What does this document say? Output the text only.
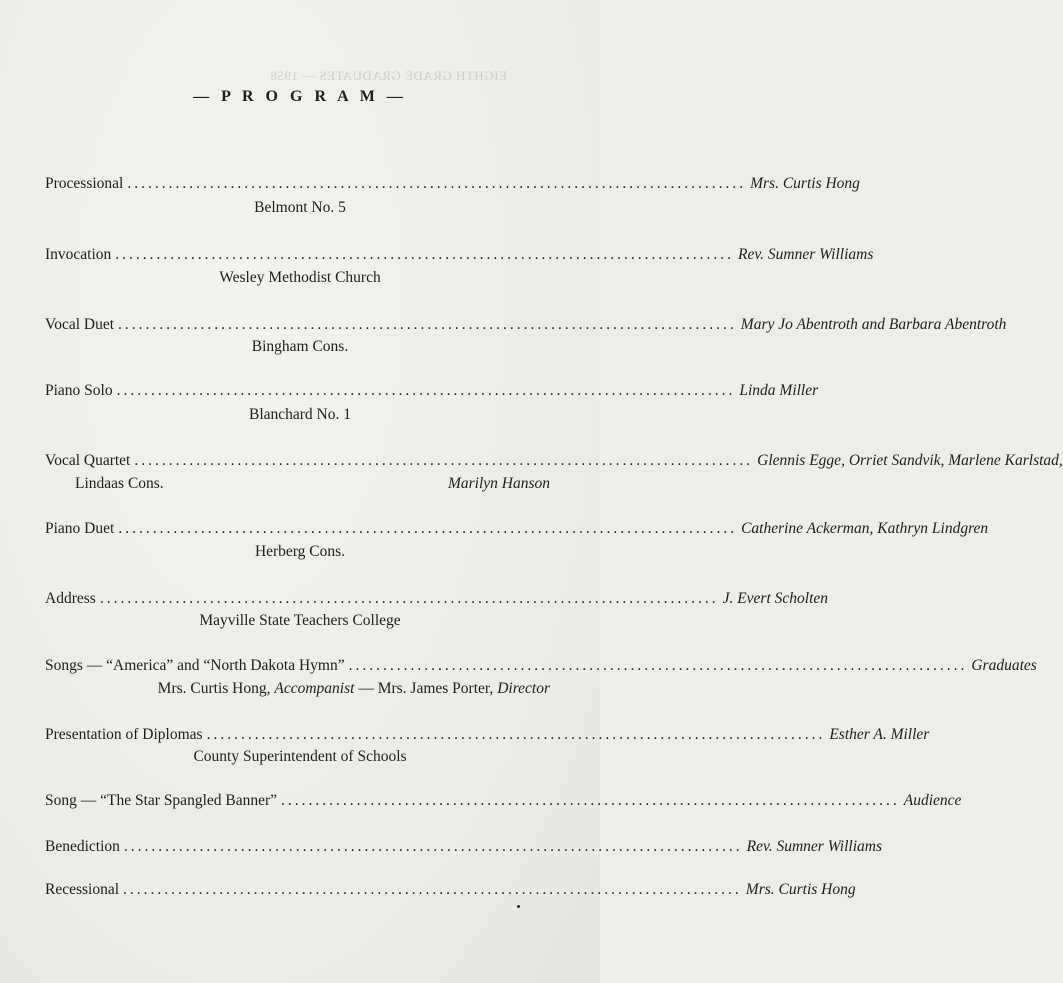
EIGHTH GRADE GRADUATES — 1958
— P R O G R A M —
Processional .......................................................................................... Mrs. Curtis Hong
Belmont No. 5
Invocation .......................................................................................... Rev. Sumner Williams
Wesley Methodist Church
Vocal Duet .......................................................................................... Mary Jo Abentroth and Barbara Abentroth
Bingham Cons.
Piano Solo .......................................................................................... Linda Miller
Blanchard No. 1
Vocal Quartet .......................................................................................... Glennis Egge, Orriet Sandvik, Marlene Karlstad,
Lindaas Cons.	Marilyn Hanson
Piano Duet .......................................................................................... Catherine Ackerman, Kathryn Lindgren
Herberg Cons.
Address .......................................................................................... J. Evert Scholten
Mayville State Teachers College
Songs — “America” and “North Dakota Hymn” .......................................................................................... Graduates
Mrs. Curtis Hong, Accompanist — Mrs. James Porter, Director
Presentation of Diplomas .......................................................................................... Esther A. Miller
County Superintendent of Schools
Song — “The Star Spangled Banner” .......................................................................................... Audience
Benediction .......................................................................................... Rev. Sumner Williams
Recessional .......................................................................................... Mrs. Curtis Hong
